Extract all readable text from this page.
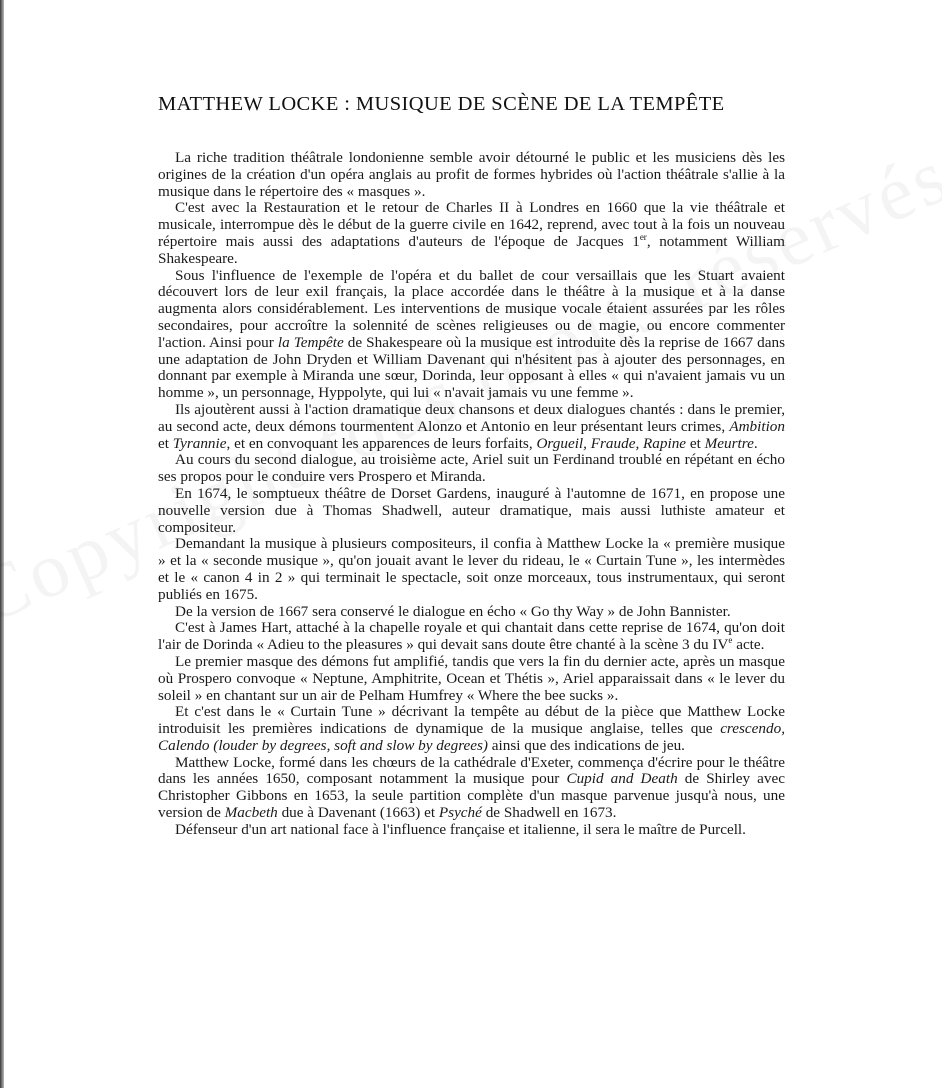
MATTHEW LOCKE : MUSIQUE DE SCÈNE DE LA TEMPÊTE

La riche tradition théâtrale londonienne semble avoir détourné le public et les musiciens dès les origines de la création d'un opéra anglais au profit de formes hybrides où l'action théâtrale s'allie à la musique dans le répertoire des « masques ».

C'est avec la Restauration et le retour de Charles II à Londres en 1660 que la vie théâtrale et musicale, interrompue dès le début de la guerre civile en 1642, reprend, avec tout à la fois un nouveau répertoire mais aussi des adaptations d'auteurs de l'époque de Jacques 1er, notamment William Shakespeare.

Sous l'influence de l'exemple de l'opéra et du ballet de cour versaillais que les Stuart avaient découvert lors de leur exil français, la place accordée dans le théâtre à la musique et à la danse augmenta alors considérablement. Les interventions de musique vocale étaient assurées par les rôles secondaires, pour accroître la solennité de scènes religieuses ou de magie, ou encore commenter l'action. Ainsi pour la Tempête de Shakespeare où la musique est introduite dès la reprise de 1667 dans une adaptation de John Dryden et William Davenant qui n'hésitent pas à ajouter des personnages, en donnant par exemple à Miranda une sœur, Dorinda, leur opposant à elles « qui n'avaient jamais vu un homme », un personnage, Hyppolyte, qui lui « n'avait jamais vu une femme ».

Ils ajoutèrent aussi à l'action dramatique deux chansons et deux dialogues chantés : dans le premier, au second acte, deux démons tourmentent Alonzo et Antonio en leur présentant leurs crimes, Ambition et Tyrannie, et en convoquant les apparences de leurs forfaits, Orgueil, Fraude, Rapine et Meurtre.

Au cours du second dialogue, au troisième acte, Ariel suit un Ferdinand troublé en répétant en écho ses propos pour le conduire vers Prospero et Miranda.

En 1674, le somptueux théâtre de Dorset Gardens, inauguré à l'automne de 1671, en propose une nouvelle version due à Thomas Shadwell, auteur dramatique, mais aussi luthiste amateur et compositeur.

Demandant la musique à plusieurs compositeurs, il confia à Matthew Locke la « première musique » et la « seconde musique », qu'on jouait avant le lever du rideau, le « Curtain Tune », les intermèdes et le « canon 4 in 2 » qui terminait le spectacle, soit onze morceaux, tous instrumentaux, qui seront publiés en 1675.

De la version de 1667 sera conservé le dialogue en écho « Go thy Way » de John Bannister.

C'est à James Hart, attaché à la chapelle royale et qui chantait dans cette reprise de 1674, qu'on doit l'air de Dorinda « Adieu to the pleasures » qui devait sans doute être chanté à la scène 3 du IVe acte.

Le premier masque des démons fut amplifié, tandis que vers la fin du dernier acte, après un masque où Prospero convoque « Neptune, Amphitrite, Ocean et Thétis », Ariel apparaissait dans « le lever du soleil » en chantant sur un air de Pelham Humfrey « Where the bee sucks ».

Et c'est dans le « Curtain Tune » décrivant la tempête au début de la pièce que Matthew Locke introduisit les premières indications de dynamique de la musique anglaise, telles que crescendo, Calendo (louder by degrees, soft and slow by degrees) ainsi que des indications de jeu.

Matthew Locke, formé dans les chœurs de la cathédrale d'Exeter, commença d'écrire pour le théâtre dans les années 1650, composant notamment la musique pour Cupid and Death de Shirley avec Christopher Gibbons en 1653, la seule partition complète d'un masque parvenue jusqu'à nous, une version de Macbeth due à Davenant (1663) et Psyché de Shadwell en 1673.

Défenseur d'un art national face à l'influence française et italienne, il sera le maître de Purcell.
